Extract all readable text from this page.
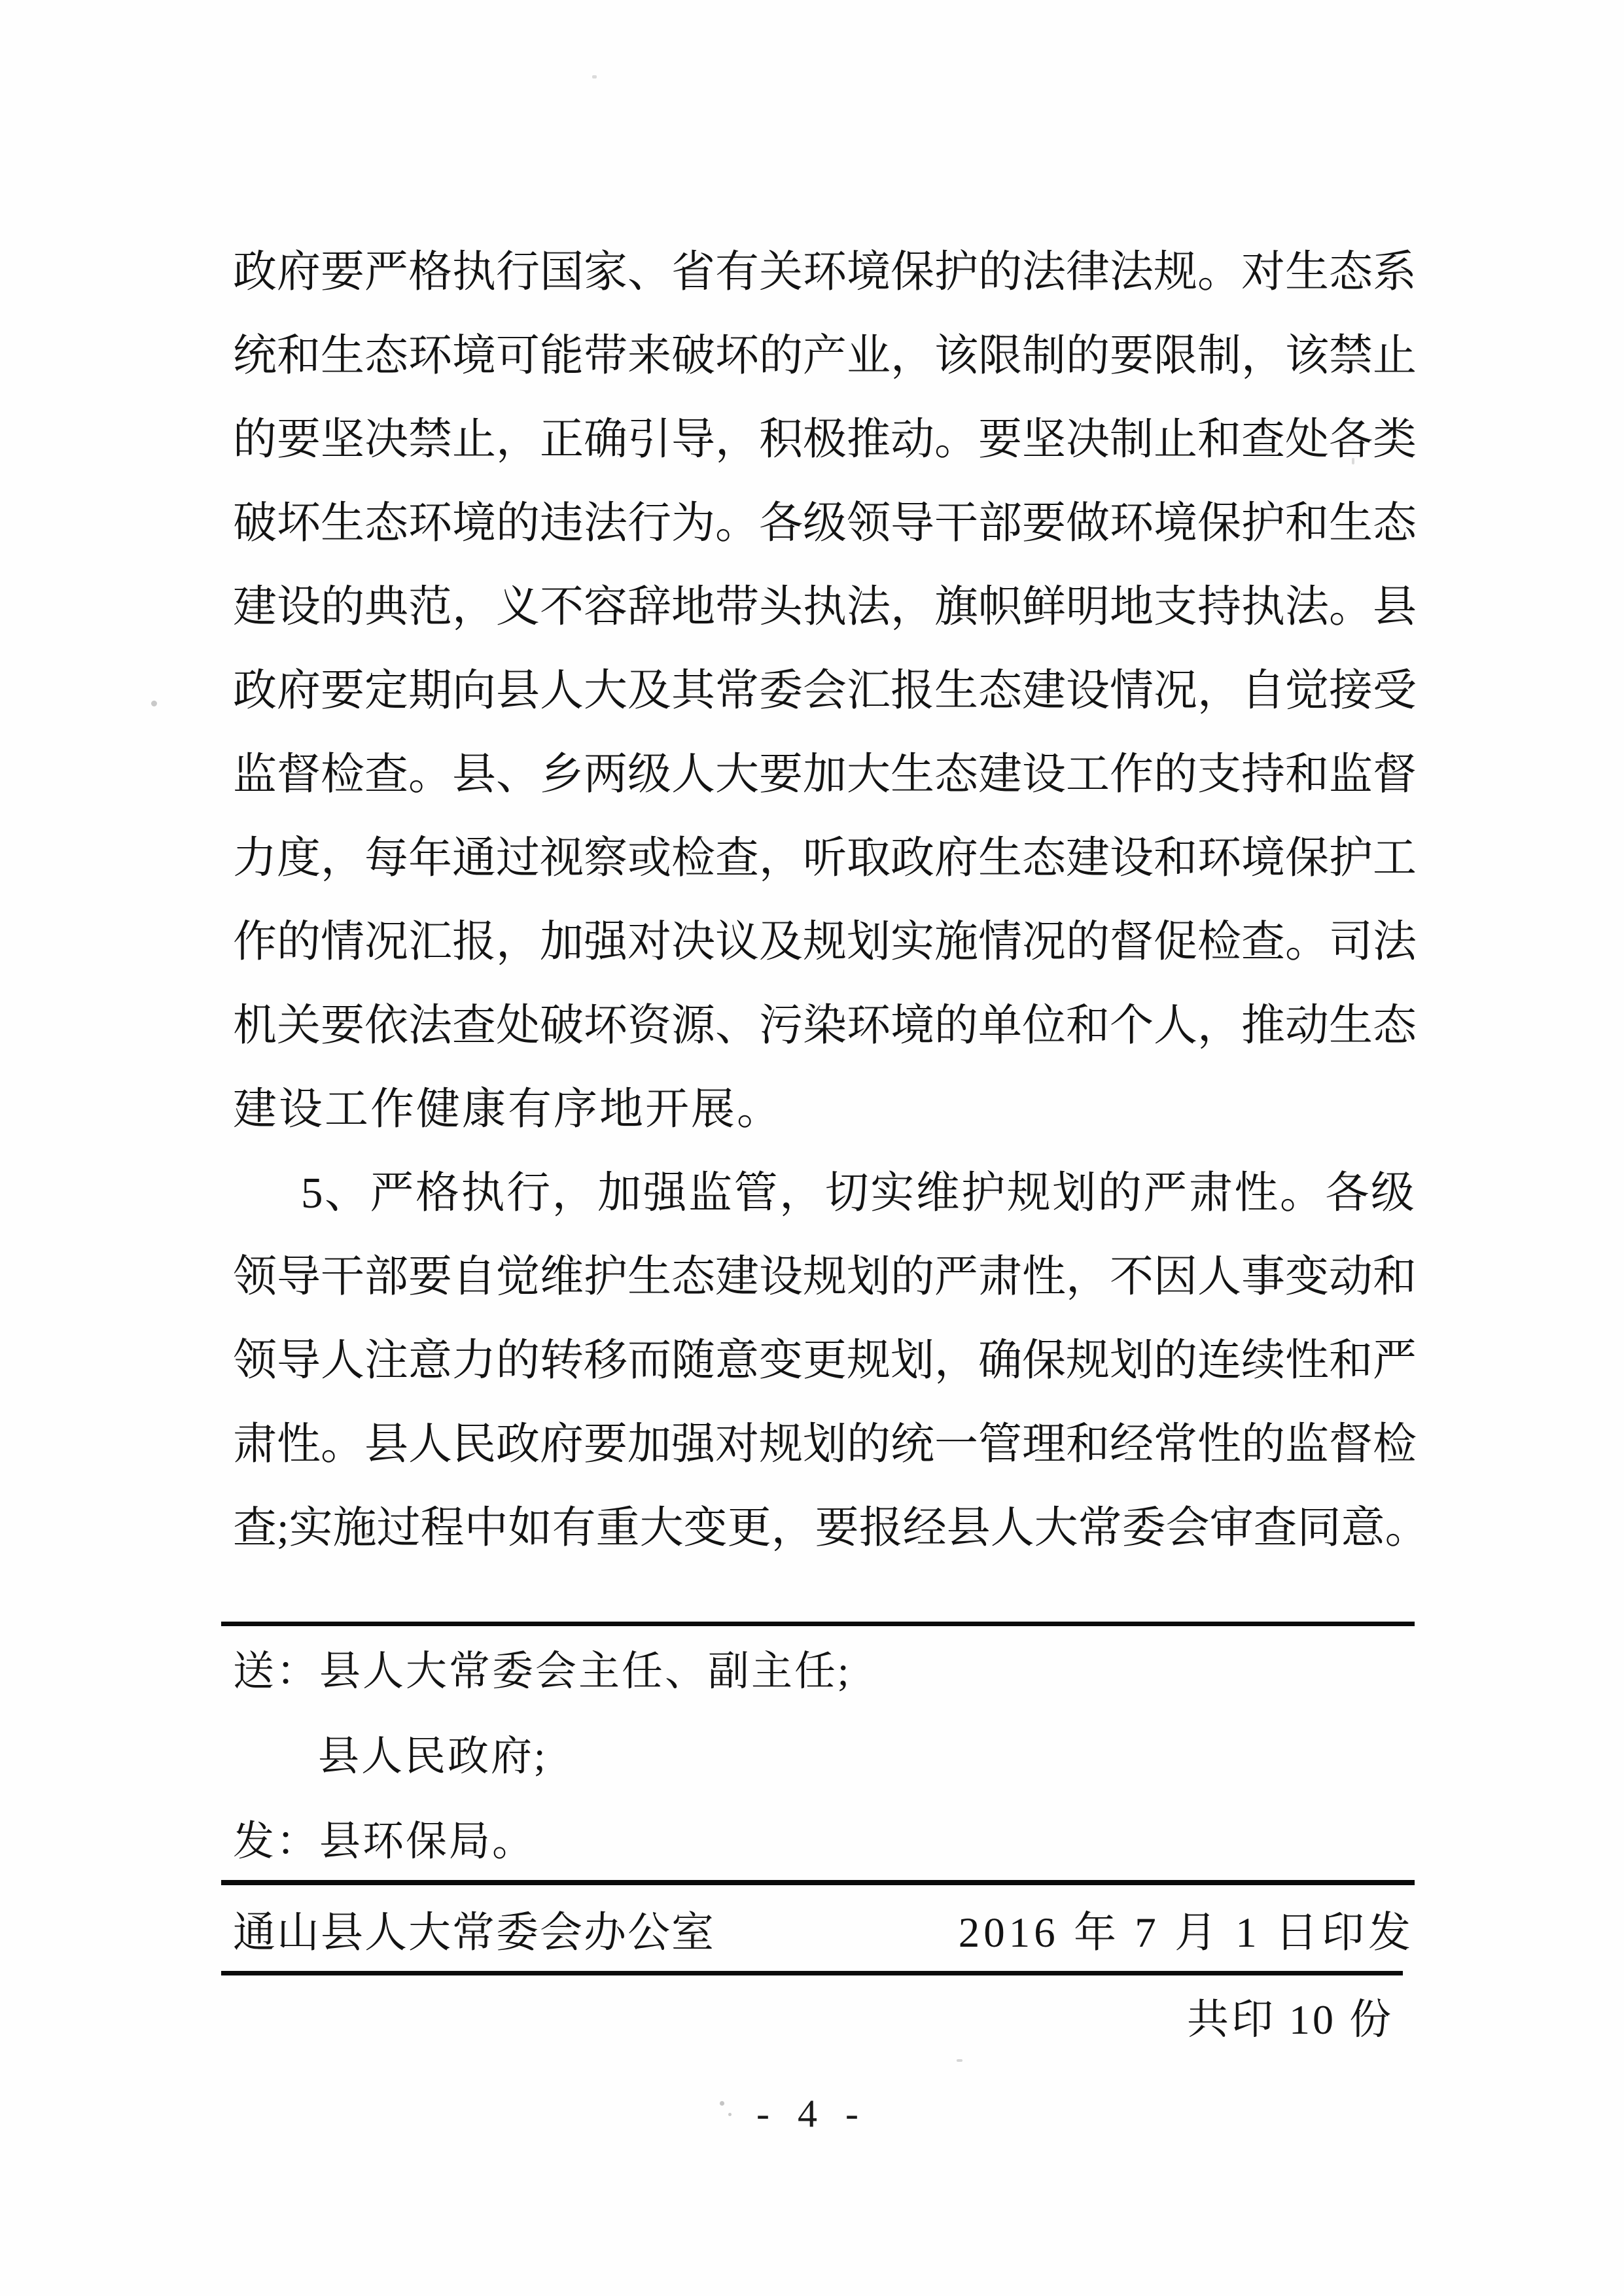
政 府 要 严 格 执 行 国 家 、 省 有 关 环 境 保 护 的 法 律 法 规 。 对 生 态 系
统 和 生 态 环 境 可 能 带 来 破 坏 的 产 业 ， 该 限 制 的 要 限 制 ， 该 禁 止
的 要 坚 决 禁 止 ， 正 确 引 导 ， 积 极 推 动 。 要 坚 决 制 止 和 查 处 各 类
破 坏 生 态 环 境 的 违 法 行 为 。 各 级 领 导 干 部 要 做 环 境 保 护 和 生 态
建 设 的 典 范 ， 义 不 容 辞 地 带 头 执 法 ， 旗 帜 鲜 明 地 支 持 执 法 。 县
政 府 要 定 期 向 县 人 大 及 其 常 委 会 汇 报 生 态 建 设 情 况 ， 自 觉 接 受
监 督 检 查 。 县 、 乡 两 级 人 大 要 加 大 生 态 建 设 工 作 的 支 持 和 监 督
力 度 ， 每 年 通 过 视 察 或 检 查 ， 听 取 政 府 生 态 建 设 和 环 境 保 护 工
作 的 情 况 汇 报 ， 加 强 对 决 议 及 规 划 实 施 情 况 的 督 促 检 查 。 司 法
机 关 要 依 法 查 处 破 坏 资 源 、 污 染 环 境 的 单 位 和 个 人 ， 推 动 生 态
建设工作健康有序地开展。
5 、 严 格 执 行 ， 加 强 监 管 ， 切 实 维 护 规 划 的 严 肃 性 。 各 级
领 导 干 部 要 自 觉 维 护 生 态 建 设 规 划 的 严 肃 性 ， 不 因 人 事 变 动 和
领 导 人 注 意 力 的 转 移 而 随 意 变 更 规 划 ， 确 保 规 划 的 连 续 性 和 严
肃 性 。 县 人 民 政 府 要 加 强 对 规 划 的 统 一 管 理 和 经 常 性 的 监 督 检
查 ; 实 施 过 程 中 如 有 重 大 变 更 ， 要 报 经 县 人 大 常 委 会 审 查 同 意 。
送：县人大常委会主任、副主任;
县人民政府;
发：县环保局。
通山县人大常委会办公室	2016 年 7 月 1 日印发
共印 10 份
- 4 -
